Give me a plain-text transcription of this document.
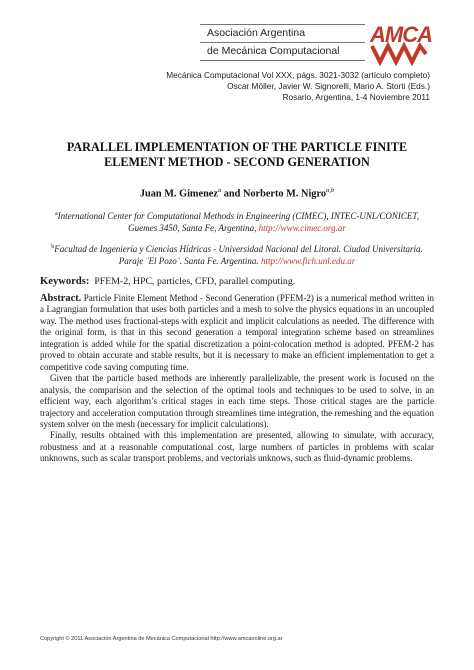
Asociación Argentina
de Mecánica Computacional
AMCA
Mecánica Computacional Vol XXX, págs. 3021-3032 (artículo completo)
Oscar Möller, Javier W. Signorelli, Mario A. Storti (Eds.)
Rosario, Argentina, 1-4 Noviembre 2011
PARALLEL IMPLEMENTATION OF THE PARTICLE FINITE
ELEMENT METHOD - SECOND GENERATION
Juan M. Gimenez$^a$ and Norberto M. Nigro$^{a,b}$
$^a$International Center for Computational Methods in Engineering (CIMEC), INTEC-UNL/CONICET,
Guemes 3450, Santa Fe, Argentina, http://www.cimec.org.ar
$^b$Facultad de Ingeniería y Ciencias Hídricas - Universidad Nacional del Litoral. Ciudad Universitaria.
Paraje ¨El Pozo¨. Santa Fe. Argentina. http://www.fich.unl.edu.ar
Keywords: PFEM-2, HPC, particles, CFD, parallel computing.

Abstract. Particle Finite Element Method - Second Generation (PFEM-2) is a numerical method written in a Lagrangian formulation that uses both particles and a mesh to solve the physics equations in an uncoupled way. The method uses fractional-steps with explicit and implicit calculations as needed. The difference with the original form, is that in this second generation a temporal integration scheme based on streamlines integration is added while for the spatial discretization a point-colocation method is adopted. PFEM-2 has proved to obtain accurate and stable results, but it is necessary to make an efficient implementation to get a competitive code saving computing time.

Given that the particle based methods are inherently parallelizable, the present work is focused on the analysis, the comparison and the selection of the optimal tools and techniques to be used to solve, in an efficient way, each algorithm’s critical stages in each time steps. Those critical stages are the particle trajectory and acceleration computation through streamlines time integration, the remeshing and the equation system solver on the mesh (necessary for implicit calculations).

Finally, results obtained with this implementation are presented, allowing to simulate, with accuracy, robustness and at a reasonable computational cost, large numbers of particles in problems with scalar unknowns, such as scalar transport problems, and vectorials unknows, such as fluid-dynamic problems.

Copyright © 2011 Asociación Argentina de Mecánica Computacional http://www.amcaonline.org.ar
